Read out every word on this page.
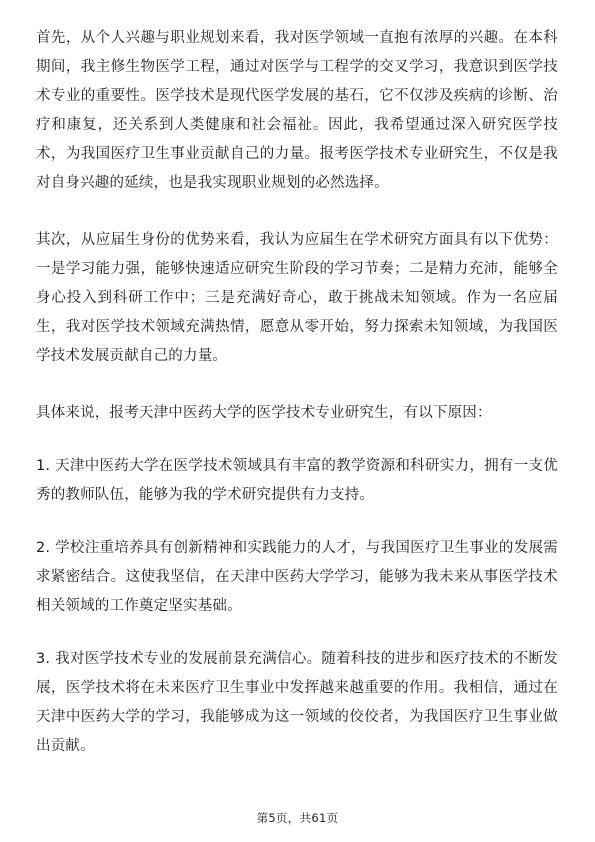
首先，从个人兴趣与职业规划来看，我对医学领域一直抱有浓厚的兴趣。在本科期间，我主修生物医学工程，通过对医学与工程学的交叉学习，我意识到医学技术专业的重要性。医学技术是现代医学发展的基石，它不仅涉及疾病的诊断、治疗和康复，还关系到人类健康和社会福祉。因此，我希望通过深入研究医学技术，为我国医疗卫生事业贡献自己的力量。报考医学技术专业研究生，不仅是我对自身兴趣的延续，也是我实现职业规划的必然选择。

其次，从应届生身份的优势来看，我认为应届生在学术研究方面具有以下优势：一是学习能力强，能够快速适应研究生阶段的学习节奏；二是精力充沛，能够全身心投入到科研工作中；三是充满好奇心，敢于挑战未知领域。作为一名应届生，我对医学技术领域充满热情，愿意从零开始，努力探索未知领域，为我国医学技术发展贡献自己的力量。

具体来说，报考天津中医药大学的医学技术专业研究生，有以下原因：

1. 天津中医药大学在医学技术领域具有丰富的教学资源和科研实力，拥有一支优秀的教师队伍，能够为我的学术研究提供有力支持。

2. 学校注重培养具有创新精神和实践能力的人才，与我国医疗卫生事业的发展需求紧密结合。这使我坚信，在天津中医药大学学习，能够为我未来从事医学技术相关领域的工作奠定坚实基础。

3. 我对医学技术专业的发展前景充满信心。随着科技的进步和医疗技术的不断发展，医学技术将在未来医疗卫生事业中发挥越来越重要的作用。我相信，通过在天津中医药大学的学习，我能够成为这一领域的佼佼者，为我国医疗卫生事业做出贡献。

第5页，共61页
